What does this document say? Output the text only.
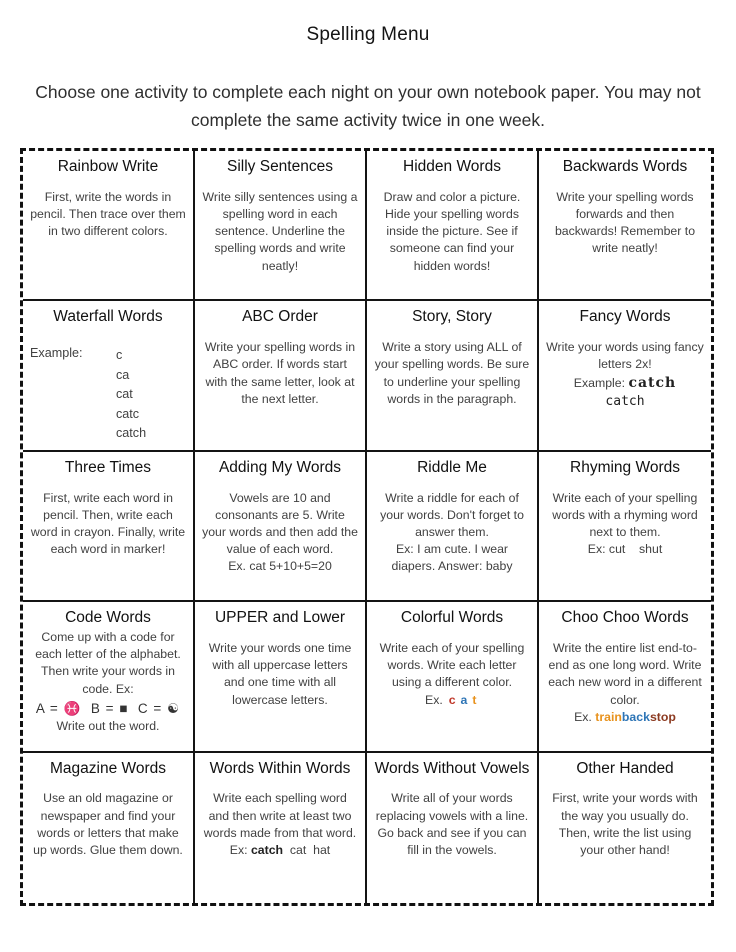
Spelling Menu
Choose one activity to complete each night on your own notebook paper. You may not complete the same activity twice in one week.
Rainbow Write
First, write the words in pencil. Then trace over them in two different colors.
Silly Sentences
Write silly sentences using a spelling word in each sentence. Underline the spelling words and write neatly!
Hidden Words
Draw and color a picture. Hide your spelling words inside the picture. See if someone can find your hidden words!
Backwards Words
Write your spelling words forwards and then backwards! Remember to write neatly!
Waterfall Words
Example:	c
ca
cat
catc
catch
ABC Order
Write your spelling words in ABC order. If words start with the same letter, look at the next letter.
Story, Story
Write a story using ALL of your spelling words. Be sure to underline your spelling words in the paragraph.
Fancy Words
Write your words using fancy letters 2x!
Example: catch
catch
Three Times
First, write each word in pencil. Then, write each word in crayon. Finally, write each word in marker!
Adding My Words
Vowels are 10 and consonants are 5. Write your words and then add the value of each word.
Ex. cat 5+10+5=20
Riddle Me
Write a riddle for each of your words. Don't forget to answer them.
Ex: I am cute. I wear diapers. Answer: baby
Rhyming Words
Write each of your spelling words with a rhyming word next to them.
Ex: cut    shut
Code Words
Come up with a code for each letter of the alphabet. Then write your words in code. Ex:
A = ♓  B = ■  C = ☯
Write out the word.
UPPER and Lower
Write your words one time with all uppercase letters and one time with all lowercase letters.
Colorful Words
Write each of your spelling words. Write each letter using a different color.
Ex. c a t
Choo Choo Words
Write the entire list end-to-end as one long word. Write each new word in a different color.
Ex. trainbackstop
Magazine Words
Use an old magazine or newspaper and find your words or letters that make up words. Glue them down.
Words Within Words
Write each spelling word and then write at least two words made from that word.
Ex: catch  cat  hat
Words Without Vowels
Write all of your words replacing vowels with a line. Go back and see if you can fill in the vowels.
Other Handed
First, write your words with the way you usually do. Then, write the list using your other hand!
